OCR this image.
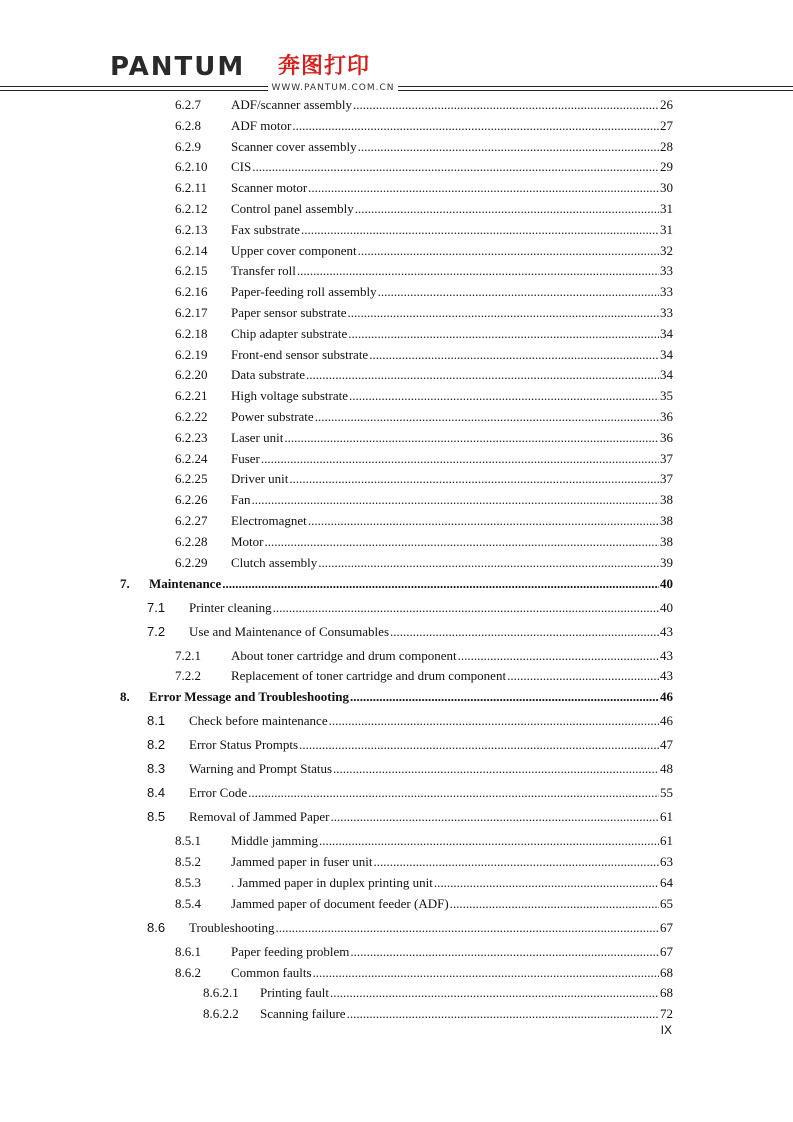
PANTUM 奔图打印
WWW.PANTUM.COM.CN
6.2.7 ADF/scanner assembly .....	26
6.2.8 ADF motor .....	27
6.2.9 Scanner cover assembly .....	28
6.2.10 CIS .....	29
6.2.11 Scanner motor .....	30
6.2.12 Control panel assembly .....	31
6.2.13 Fax substrate .....	31
6.2.14 Upper cover component .....	32
6.2.15 Transfer roll .....	33
6.2.16 Paper-feeding roll assembly .....	33
6.2.17 Paper sensor substrate .....	33
6.2.18 Chip adapter substrate .....	34
6.2.19 Front-end sensor substrate .....	34
6.2.20 Data substrate .....	34
6.2.21 High voltage substrate .....	35
6.2.22 Power substrate .....	36
6.2.23 Laser unit .....	36
6.2.24 Fuser .....	37
6.2.25 Driver unit .....	37
6.2.26 Fan .....	38
6.2.27 Electromagnet .....	38
6.2.28 Motor .....	38
6.2.29 Clutch assembly .....	39
7. Maintenance .....	40
7.1 Printer cleaning .....	40
7.2 Use and Maintenance of Consumables .....	43
7.2.1 About toner cartridge and drum component .....	43
7.2.2 Replacement of toner cartridge and drum component .....	43
8. Error Message and Troubleshooting .....	46
8.1 Check before maintenance .....	46
8.2 Error Status Prompts .....	47
8.3 Warning and Prompt Status .....	48
8.4 Error Code .....	55
8.5 Removal of Jammed Paper .....	61
8.5.1 Middle jamming .....	61
8.5.2 Jammed paper in fuser unit .....	63
8.5.3 . Jammed paper in duplex printing unit .....	64
8.5.4 Jammed paper of document feeder (ADF) .....	65
8.6 Troubleshooting .....	67
8.6.1 Paper feeding problem .....	67
8.6.2 Common faults .....	68
8.6.2.1 Printing fault .....	68
8.6.2.2 Scanning failure .....	72
IX
